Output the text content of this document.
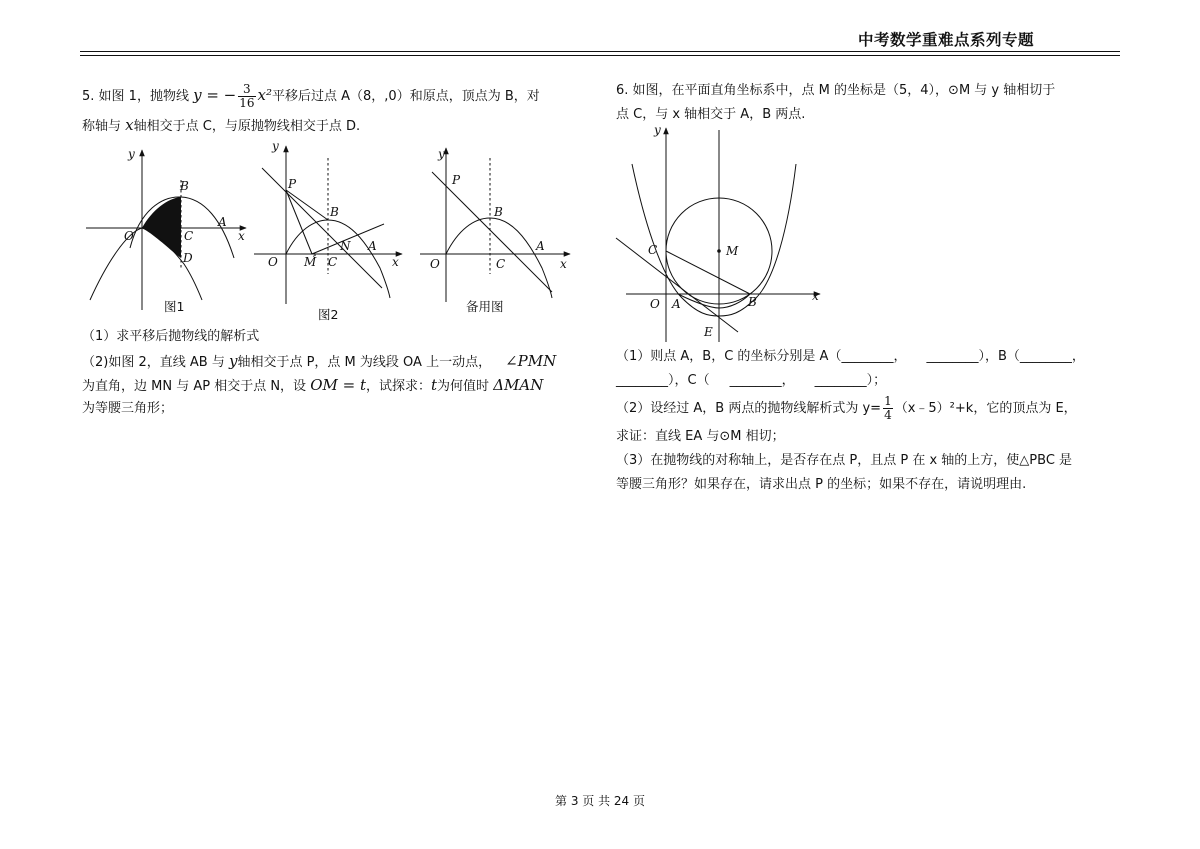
中考数学重难点系列专题
5. 如图 1，抛物线 y = − $\frac{3}{16} x^2$平移后过点 A（8，,0）和原点，顶点为 B，对
称轴与 x轴相交于点 C，与原抛物线相交于点 D.
O
y
x
A
B
C
D
图1
y
P
B
N A
x
O M C
图2
y
P
B
A
x
O	C
备用图
（1）求平移后抛物线的解析式
（2)如图 2，直线 AB 与 y轴相交于点 P，点 M 为线段 OA 上一动点， ∠PMN
为直角，边 MN 与 AP 相交于点 N，设 OM = t，试探求：t为何值时 ΔMAN
为等腰三角形；
6. 如图，在平面直角坐标系中，点 M 的坐标是（5，4），⊙M 与 y 轴相切于
点 C，与 x 轴相交于 A，B 两点.
y
x
O A	B
C	M
E
（1）则点 A，B，C 的坐标分别是 A（________， ________），B（________，
________），C（ ________， ________）；
（2）设经过 A，B 两点的抛物线解析式为 $y= \frac{1}{4}$ （x﹣5）²+k，它的顶点为 E，
求证：直线 EA 与⊙M 相切；
（3）在抛物线的对称轴上，是否存在点 P，且点 P 在 x 轴的上方，使△PBC 是
等腰三角形？如果存在，请求出点 P 的坐标；如果不存在，请说明理由.
第 3 页 共 24 页
